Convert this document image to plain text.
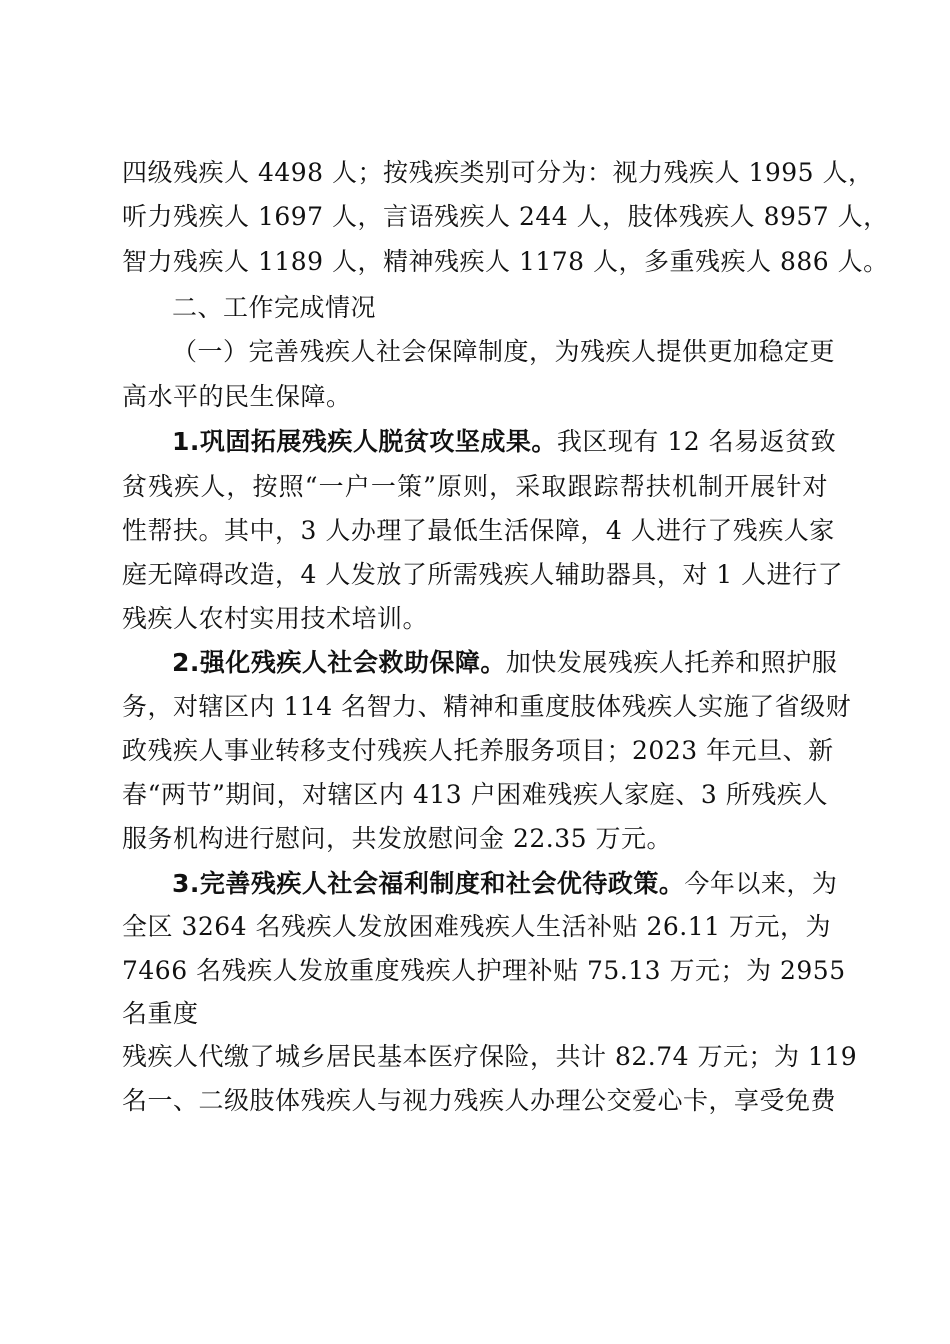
四级残疾人 4498 人；按残疾类别可分为：视力残疾人 1995 人，
听力残疾人 1697 人，言语残疾人 244 人，肢体残疾人 8957 人，
智力残疾人 1189 人，精神残疾人 1178 人，多重残疾人 886 人。
二、工作完成情况
（一）完善残疾人社会保障制度，为残疾人提供更加稳定更
高水平的民生保障。
1.巩固拓展残疾人脱贫攻坚成果。我区现有 12 名易返贫致
贫残疾人，按照“一户一策”原则，采取跟踪帮扶机制开展针对
性帮扶。其中，3 人办理了最低生活保障，4 人进行了残疾人家
庭无障碍改造，4 人发放了所需残疾人辅助器具，对 1 人进行了
残疾人农村实用技术培训。
2.强化残疾人社会救助保障。加快发展残疾人托养和照护服
务，对辖区内 114 名智力、精神和重度肢体残疾人实施了省级财
政残疾人事业转移支付残疾人托养服务项目；2023 年元旦、新
春“两节”期间，对辖区内 413 户困难残疾人家庭、3 所残疾人
服务机构进行慰问，共发放慰问金 22.35 万元。
3.完善残疾人社会福利制度和社会优待政策。今年以来，为
全区 3264 名残疾人发放困难残疾人生活补贴 26.11 万元，为
7466 名残疾人发放重度残疾人护理补贴 75.13 万元；为 2955
名重度
残疾人代缴了城乡居民基本医疗保险，共计 82.74 万元；为 119
名一、二级肢体残疾人与视力残疾人办理公交爱心卡，享受免费
